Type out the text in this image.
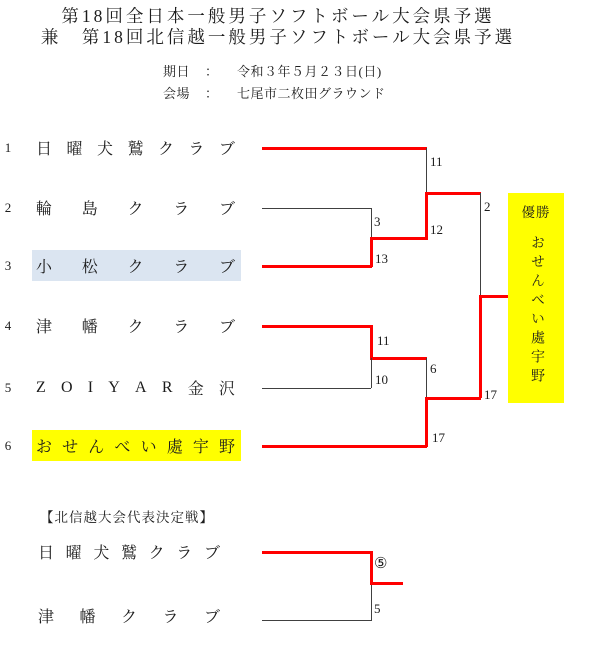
第18回全日本一般男子ソフトボール大会県予選
兼　第18回北信越一般男子ソフトボール大会県予選
期日 ： 令和３年５月２３日(日)
会場 ： 七尾市二枚田グラウンド
1
2
3
4
5
6
日 曜 犬 鷲 ク ラ ブ
輪 島 ク ラ ブ
小 松 ク ラ ブ
津 幡 ク ラ ブ
Z O I Y A R 金 沢
お せ ん べ い 處 宇 野
11
3
12
13
2
11
10
6
17
17
優勝
おせんべい處宇野
【北信越大会代表決定戦】
日 曜 犬 鷲 ク ラ ブ
津 幡 ク ラ ブ
⑤
5
